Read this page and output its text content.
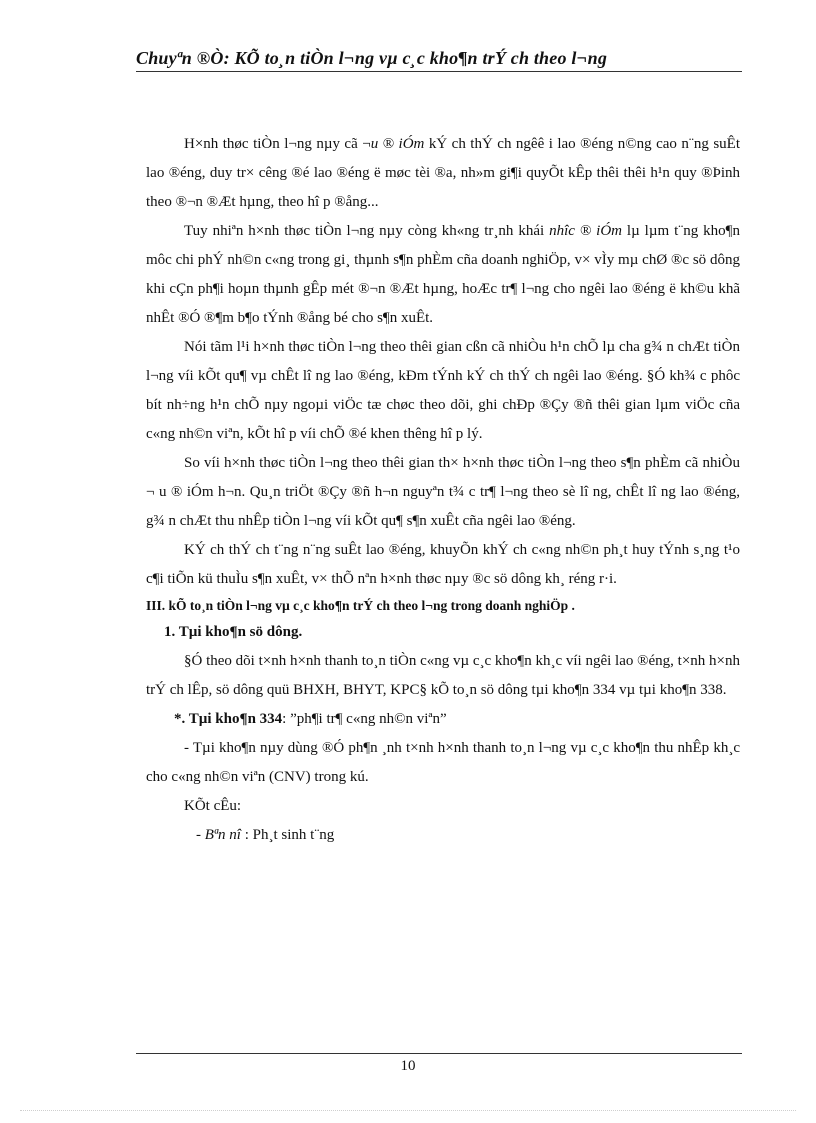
Chuyªn ®Ò: KÕ to¸n tiÒn l¬ng vµ c¸c kho¶n trÝ ch theo l¬ng

H×nh thøc tiÒn l¬ng nµy cã ¬u ® iÓm kÝ ch thÝ ch ngêê i lao ®éng n©ng cao n¨ng suÊt lao ®éng, duy tr× cêng ®é lao ®éng ë møc tèi ®a, nh»m gi¶i quyÕt kÊp thêi thêi h¹n quy ®Þinh theo ®¬n ®Æt hµng, theo hî p ®ång...

Tuy nhiªn h×nh thøc tiÒn l¬ng nµy còng kh«ng tr¸nh khái nhîc ® iÓm lµ lµm t¨ng kho¶n môc chi phÝ nh©n c«ng trong gi¸ thµnh s¶n phÈm cña doanh nghiÖp, v× vÌy mµ chØ ®c sö dông khi cÇn ph¶i hoµn thµnh gÊp mét ®¬n ®Æt hµng, hoÆc tr¶ l¬ng cho ngêi lao ®éng ë kh©u khã nhÊt ®Ó ®¶m b¶o tÝnh ®ång bé cho s¶n xuÊt.

Nói tãm l¹i h×nh thøc tiÒn l¬ng theo thêi gian cßn cã nhiÒu h¹n chÕ lµ cha g¾ n chÆt tiÒn l¬ng víi kÕt qu¶ vµ chÊt lî ng lao ®éng, kÐm tÝnh kÝ ch thÝ ch ngêi lao ®éng. §Ó kh¾ c phôc bít nh÷ng h¹n chÕ nµy ngoµi viÖc tæ chøc theo dõi, ghi chÐp ®Çy ®ñ thêi gian lµm viÖc cña c«ng nh©n viªn, kÕt hî p víi chÕ ®é khen thêng hî p lý.

So víi h×nh thøc tiÒn l¬ng theo thêi gian th× h×nh thøc tiÒn l¬ng theo s¶n phÈm cã nhiÒu ¬ u ® iÓm h¬n. Qu¸n triÖt ®Çy ®ñ h¬n nguyªn t¾ c tr¶ l¬ng theo sè lî ng, chÊt lî ng lao ®éng, g¾ n chÆt thu nhÊp tiÒn l¬ng víi kÕt qu¶ s¶n xuÊt cña ngêi lao ®éng.

KÝ ch thÝ ch t¨ng n¨ng suÊt lao ®éng, khuyÕn khÝ ch c«ng nh©n ph¸t huy tÝnh s¸ng t¹o c¶i tiÕn kü thuÌu s¶n xuÊt, v× thÕ nªn h×nh thøc nµy ®c sö dông kh¸ réng r·i.

III. kÕ to¸n tiÒn l¬ng vµ c¸c kho¶n trÝ ch theo l¬ng trong doanh nghiÖp .

1. Tµi kho¶n sö dông.

§Ó theo dõi t×nh h×nh thanh to¸n tiÒn c«ng vµ c¸c kho¶n kh¸c víi ngêi lao ®éng, t×nh h×nh trÝ ch lÊp, sö dông quü BHXH, BHYT, KPC§ kÕ to¸n sö dông tµi kho¶n 334 vµ tµi kho¶n 338.

*. Tµi kho¶n 334: ”ph¶i tr¶ c«ng nh©n viªn”

- Tµi kho¶n nµy dùng ®Ó ph¶n ¸nh t×nh h×nh thanh to¸n l¬ng vµ c¸c kho¶n thu nhÊp kh¸c cho c«ng nh©n viªn (CNV) trong kú.

KÕt cÊu:

- Bªn nî : Ph¸t sinh t¨ng

10
